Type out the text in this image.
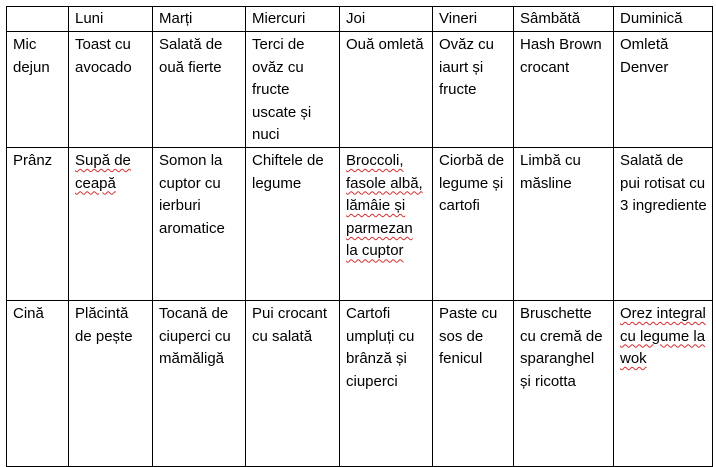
	Luni	Marți	Miercuri	Joi	Vineri	Sâmbătă	Duminică
Mic dejun	Toast cu avocado	Salată de ouă fierte	Terci de ovăz cu fructe uscate și nuci	Ouă omletă	Ovăz cu iaurt și fructe	Hash Brown crocant	Omletă Denver
Prânz	Supă de ceapă	Somon la cuptor cu ierburi aromatice	Chiftele de legume	Broccoli, fasole albă, lămâie și parmezan la cuptor	Ciorbă de legume și cartofi	Limbă cu măsline	Salată de pui rotisat cu 3 ingrediente
Cină	Plăcintă de pește	Tocană de ciuperci cu mămăligă	Pui crocant cu salată	Cartofi umpluți cu brânză și ciuperci	Paste cu sos de fenicul	Bruschette cu cremă de sparanghel și ricotta	Orez integral cu legume la wok
